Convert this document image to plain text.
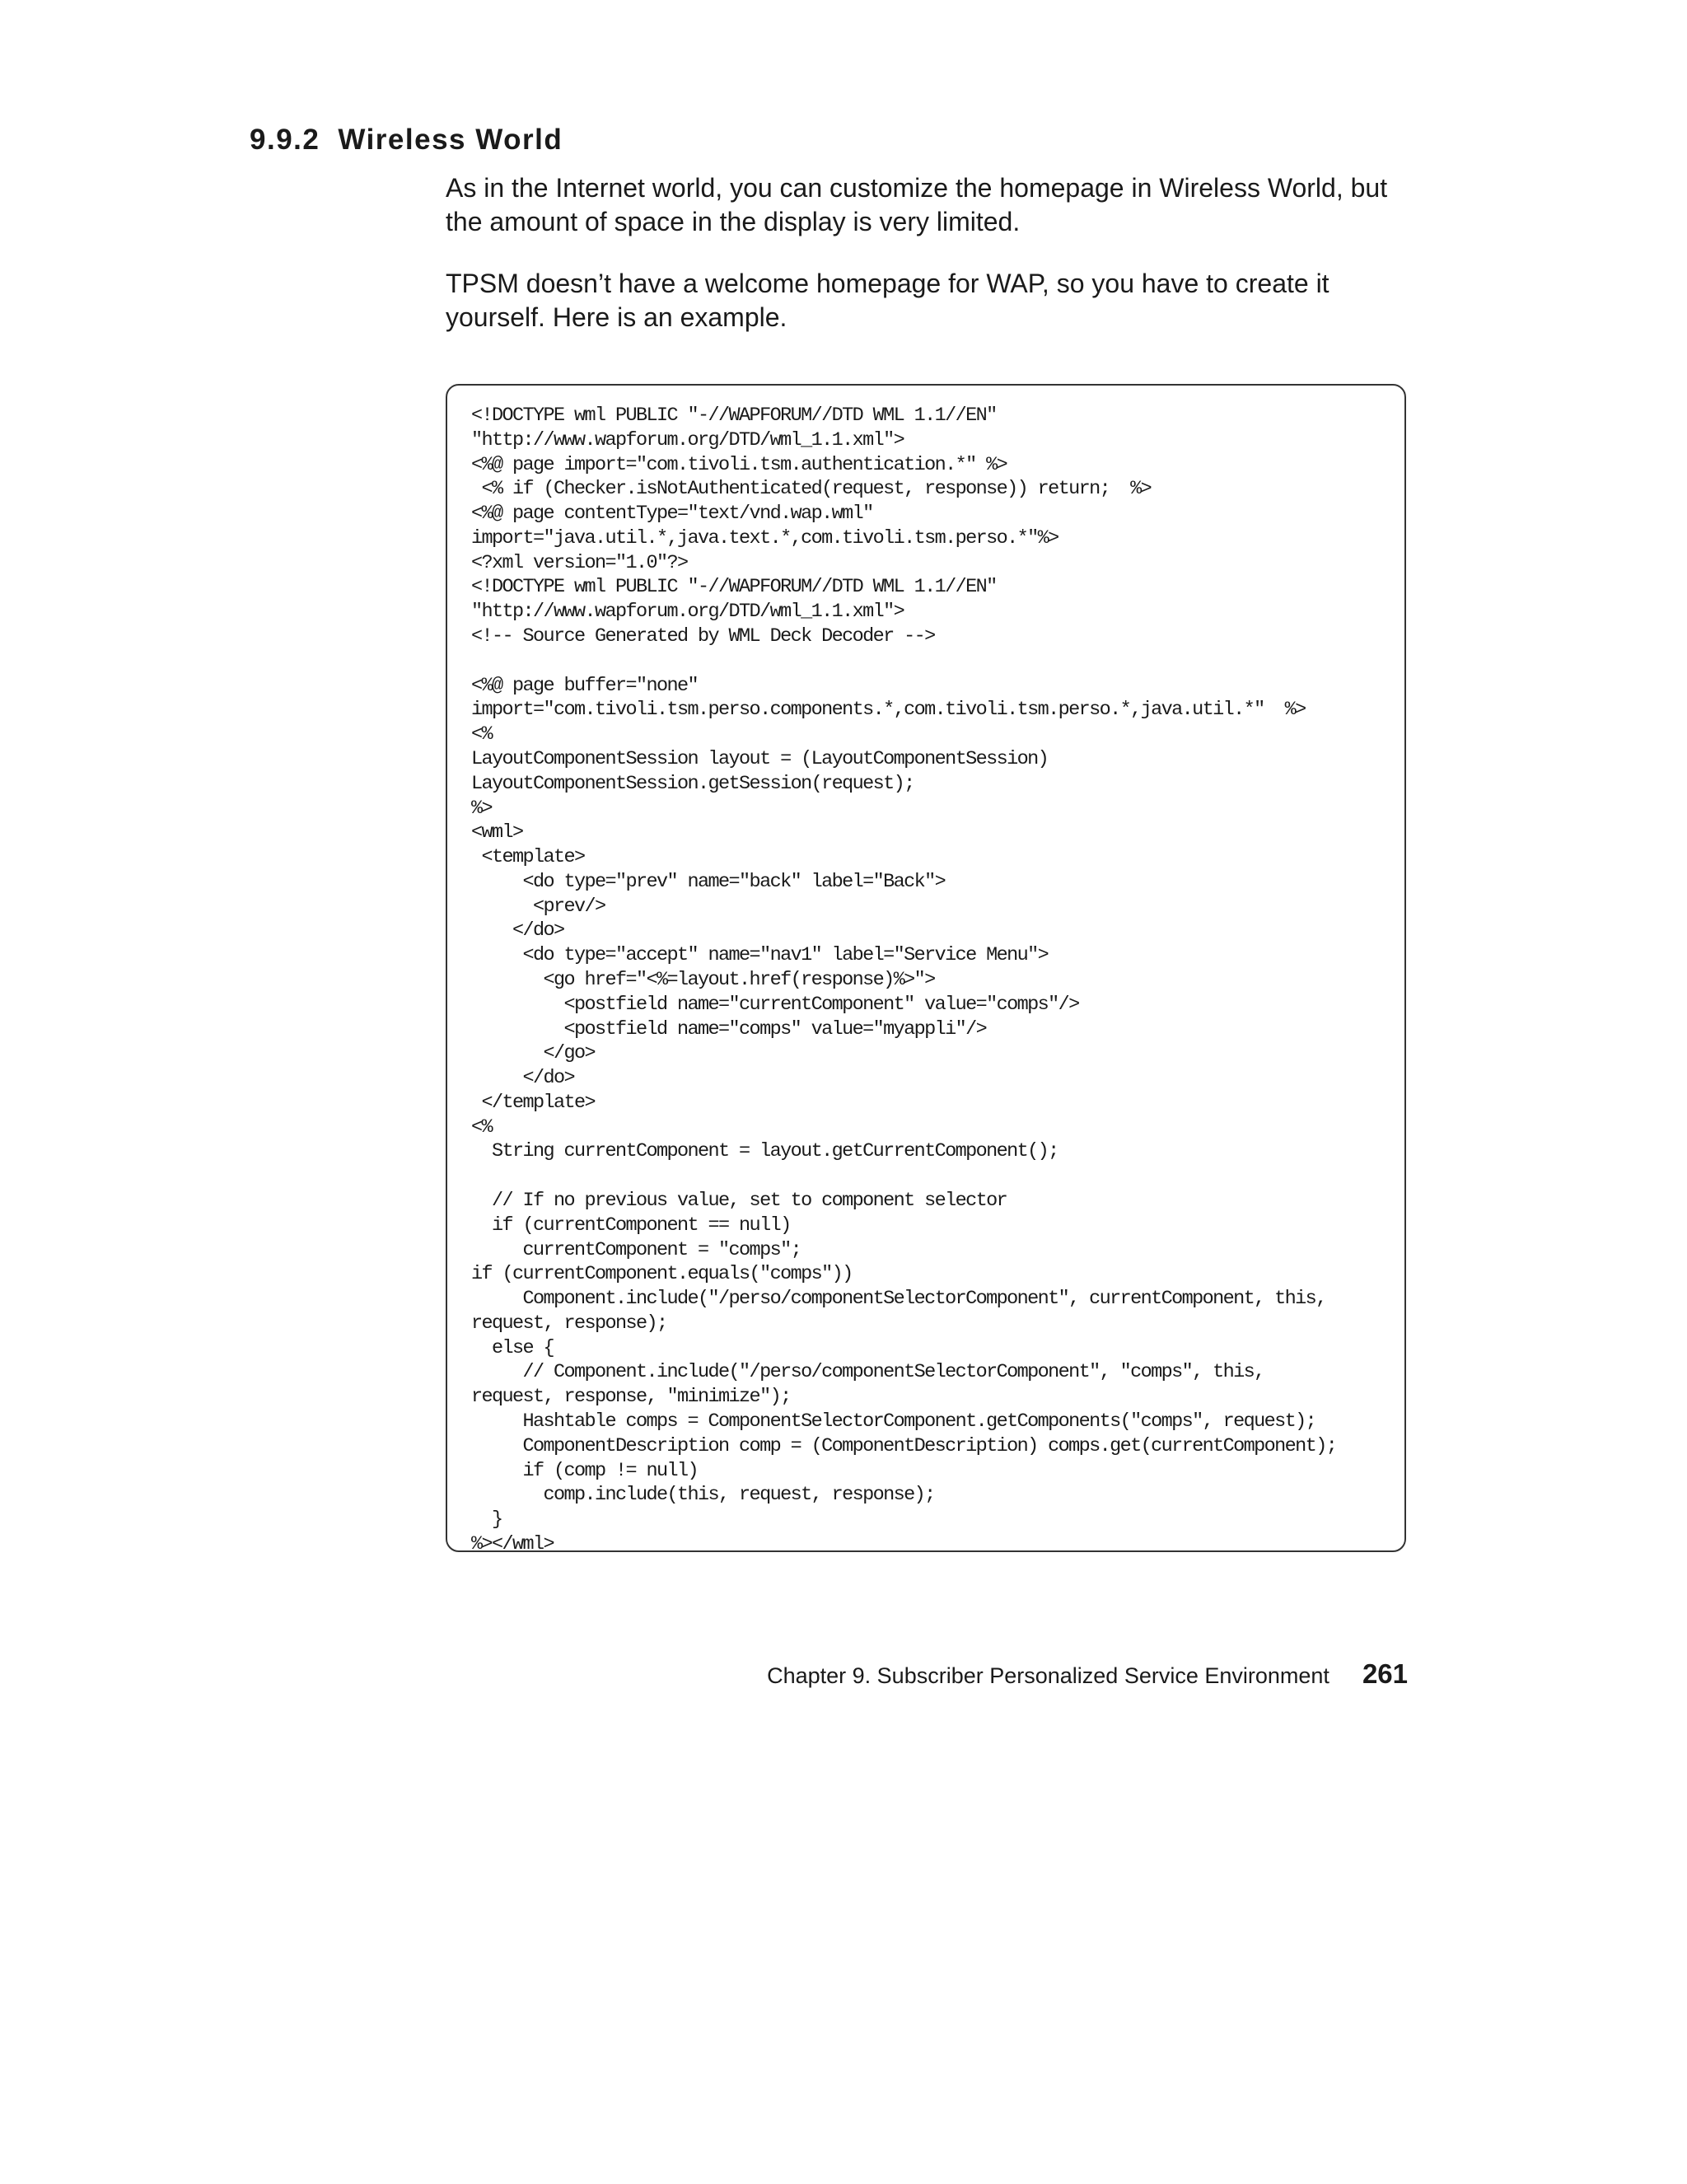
9.9.2 Wireless World

As in the Internet world, you can customize the homepage in Wireless World, but the amount of space in the display is very limited.

TPSM doesn’t have a welcome homepage for WAP, so you have to create it yourself. Here is an example.

<!DOCTYPE wml PUBLIC "-//WAPFORUM//DTD WML 1.1//EN"
"http://www.wapforum.org/DTD/wml_1.1.xml">
<%@ page import="com.tivoli.tsm.authentication.*" %>
<% if (Checker.isNotAuthenticated(request, response)) return;  %>
<%@ page contentType="text/vnd.wap.wml"
import="java.util.*,java.text.*,com.tivoli.tsm.perso.*"%>
<?xml version="1.0"?>
<!DOCTYPE wml PUBLIC "-//WAPFORUM//DTD WML 1.1//EN"
"http://www.wapforum.org/DTD/wml_1.1.xml">
<!-- Source Generated by WML Deck Decoder -->

<%@ page buffer="none"
import="com.tivoli.tsm.perso.components.*,com.tivoli.tsm.perso.*,java.util.*"  %>
<%
LayoutComponentSession layout = (LayoutComponentSession)
LayoutComponentSession.getSession(request);
%>
<wml>
<template>
<do type="prev" name="back" label="Back">
<prev/>
</do>
<do type="accept" name="nav1" label="Service Menu">
<go href="<%=layout.href(response)%>">
<postfield name="currentComponent" value="comps"/>
<postfield name="comps" value="myappli"/>
</go>
</do>
</template>
<%
String currentComponent = layout.getCurrentComponent();

// If no previous value, set to component selector
if (currentComponent == null)
currentComponent = "comps";
if (currentComponent.equals("comps"))
Component.include("/perso/componentSelectorComponent", currentComponent, this,
request, response);
else {
// Component.include("/perso/componentSelectorComponent", "comps", this,
request, response, "minimize");
Hashtable comps = ComponentSelectorComponent.getComponents("comps", request);
ComponentDescription comp = (ComponentDescription) comps.get(currentComponent);
if (comp != null)
comp.include(this, request, response);
}
%></wml>

Chapter 9. Subscriber Personalized Service Environment 261
